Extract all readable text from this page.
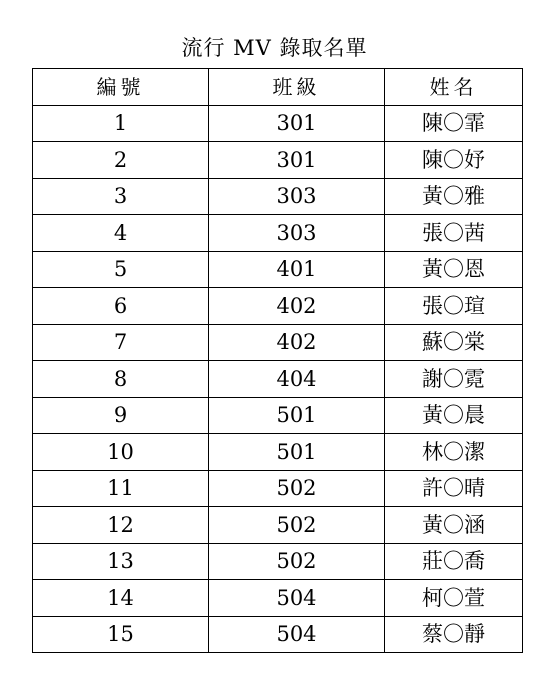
流行 MV 錄取名單
編號	班級	姓名
1	301	陳〇霏
2	301	陳〇妤
3	303	黃〇雅
4	303	張〇茜
5	401	黃〇恩
6	402	張〇瑄
7	402	蘇〇棠
8	404	謝〇霓
9	501	黃〇晨
10	501	林〇潔
11	502	許〇晴
12	502	黃〇涵
13	502	莊〇喬
14	504	柯〇萱
15	504	蔡〇靜
